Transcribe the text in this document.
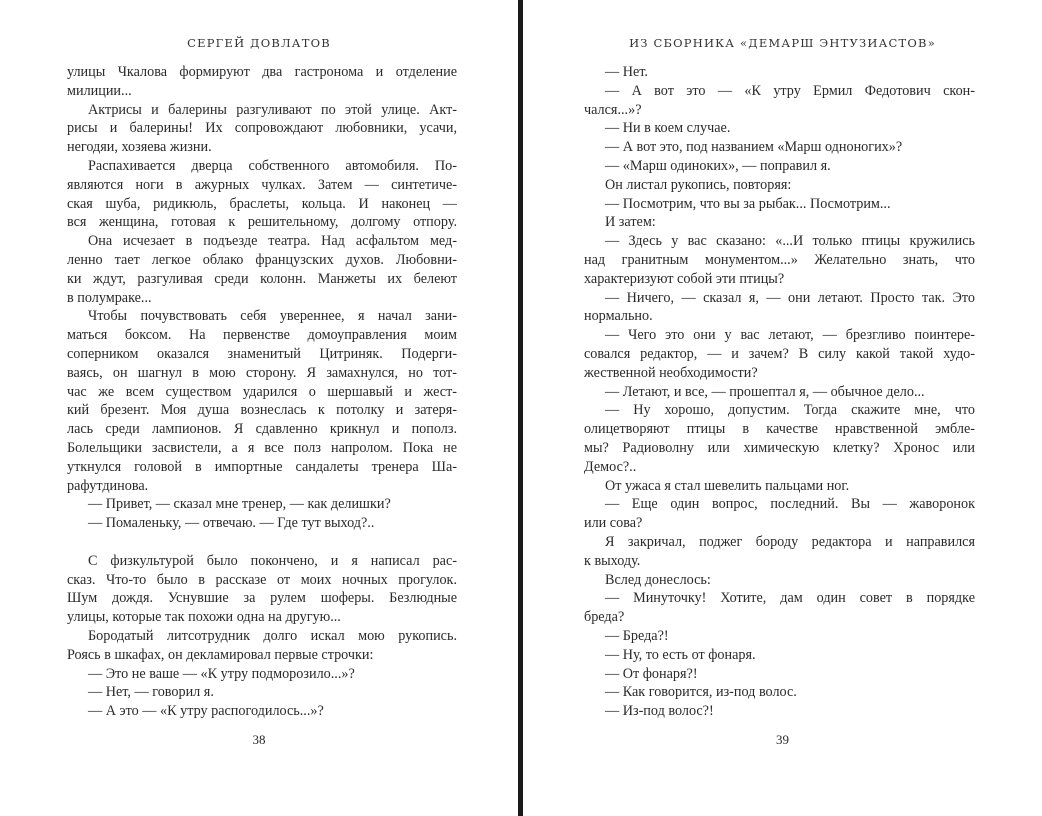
СЕРГЕЙ ДОВЛАТОВ
улицы Чкалова формируют два гастронома и отделение
милиции...
Актрисы и балерины разгуливают по этой улице. Акт-
рисы и балерины! Их сопровождают любовники, усачи,
негодяи, хозяева жизни.
Распахивается дверца собственного автомобиля. По-
являются ноги в ажурных чулках. Затем — синтетиче-
ская шуба, ридикюль, браслеты, кольца. И наконец —
вся женщина, готовая к решительному, долгому отпору.
Она исчезает в подъезде театра. Над асфальтом мед-
ленно тает легкое облако французских духов. Любовни-
ки ждут, разгуливая среди колонн. Манжеты их белеют
в полумраке...
Чтобы почувствовать себя увереннее, я начал зани-
маться боксом. На первенстве домоуправления моим
соперником оказался знаменитый Цитриняк. Подерги-
ваясь, он шагнул в мою сторону. Я замахнулся, но тот-
час же всем существом ударился о шершавый и жест-
кий брезент. Моя душа вознеслась к потолку и затеря-
лась среди лампионов. Я сдавленно крикнул и пополз.
Болельщики засвистели, а я все полз напролом. Пока не
уткнулся головой в импортные сандалеты тренера Ша-
рафутдинова.
— Привет, — сказал мне тренер, — как делишки?
— Помаленьку, — отвечаю. — Где тут выход?..
С физкультурой было покончено, и я написал рас-
сказ. Что-то было в рассказе от моих ночных прогулок.
Шум дождя. Уснувшие за рулем шоферы. Безлюдные
улицы, которые так похожи одна на другую...
Бородатый литсотрудник долго искал мою рукопись.
Роясь в шкафах, он декламировал первые строчки:
— Это не ваше — «К утру подморозило...»?
— Нет, — говорил я.
— А это — «К утру распогодилось...»?
38
ИЗ СБОРНИКА «ДЕМАРШ ЭНТУЗИАСТОВ»
— Нет.
— А вот это — «К утру Ермил Федотович скон-
чался...»?
— Ни в коем случае.
— А вот это, под названием «Марш одноногих»?
— «Марш одиноких», — поправил я.
Он листал рукопись, повторяя:
— Посмотрим, что вы за рыбак... Посмотрим...
И затем:
— Здесь у вас сказано: «...И только птицы кружились
над гранитным монументом...» Желательно знать, что
характеризуют собой эти птицы?
— Ничего, — сказал я, — они летают. Просто так. Это
нормально.
— Чего это они у вас летают, — брезгливо поинтере-
совался редактор, — и зачем? В силу какой такой худо-
жественной необходимости?
— Летают, и все, — прошептал я, — обычное дело...
— Ну хорошо, допустим. Тогда скажите мне, что
олицетворяют птицы в качестве нравственной эмбле-
мы? Радиоволну или химическую клетку? Хронос или
Демос?..
От ужаса я стал шевелить пальцами ног.
— Еще один вопрос, последний. Вы — жаворонок
или сова?
Я закричал, поджег бороду редактора и направился
к выходу.
Вслед донеслось:
— Минуточку! Хотите, дам один совет в порядке
бреда?
— Бреда?!
— Ну, то есть от фонаря.
— От фонаря?!
— Как говорится, из-под волос.
— Из-под волос?!
39
